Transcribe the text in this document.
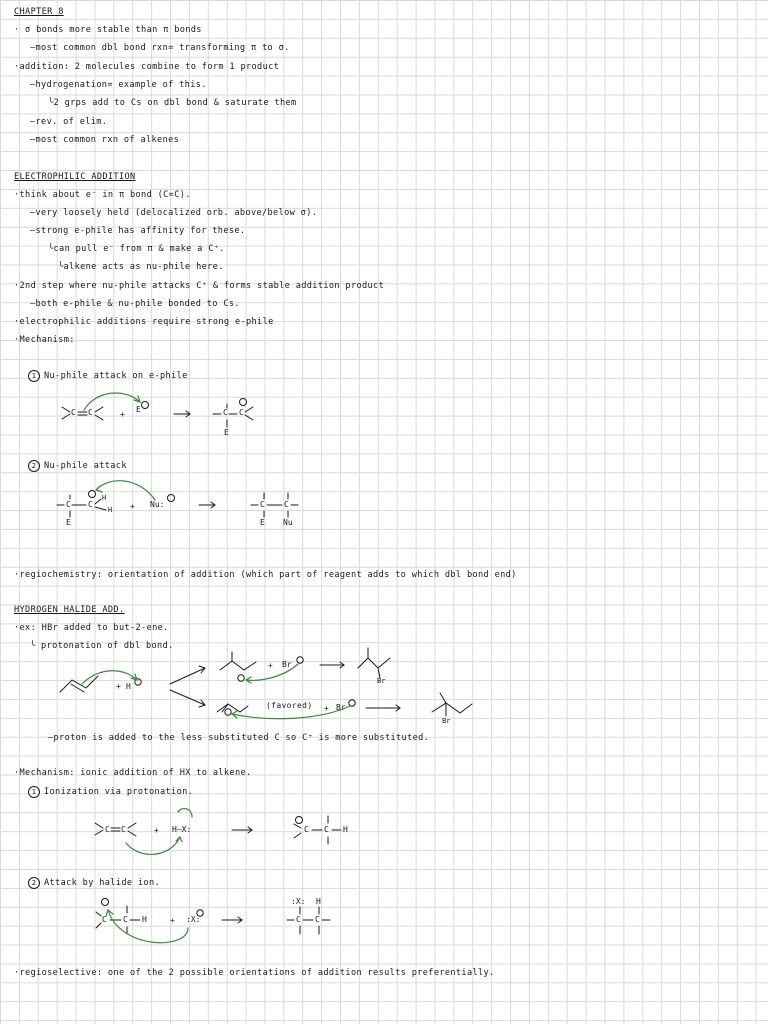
CHAPTER 8
· σ bonds more stable than π bonds
–most common dbl bond rxn= transforming π to σ.
·addition: 2 molecules combine to form 1 product
–hydrogenation= example of this.
╰2 grps add to Cs on dbl bond & saturate them
–rev. of elim.
–most common rxn of alkenes
ELECTROPHILIC ADDITION
·think about e⁻ in π bond (C=C).
–very loosely held (delocalized orb. above/below σ).
–strong e-phile has affinity for these.
╰can pull e⁻ from π & make a C⁺.
╰alkene acts as nu-phile here.
·2nd step where nu-phile attacks C⁺ & forms stable addition product
–both e-phile & nu-phile bonded to Cs.
·electrophilic additions require strong e-phile
·Mechanism:
1 Nu-phile attack on e-phile
2 Nu-phile attack
·regiochemistry: orientation of addition (which part of reagent adds to which dbl bond end)
HYDROGEN HALIDE ADD.
·ex: HBr added to but-2-ene.
╰ protonation of dbl bond.
(favored)
–proton is added to the less substituted C so C⁺ is more substituted.
·Mechanism: ionic addition of HX to alkene.
1 Ionization via protonation.
2 Attack by halide ion.
·regioselective: one of the 2 possible orientations of addition results preferentially.
C C	E	C C
E
C C
H
H
E
Nu:	C C
E Nu
H
Br
Br
Br
Br
C C	H–X:	C C H
C C H	:X:
:X: H
C C
+
+
+
+
+
+
+
